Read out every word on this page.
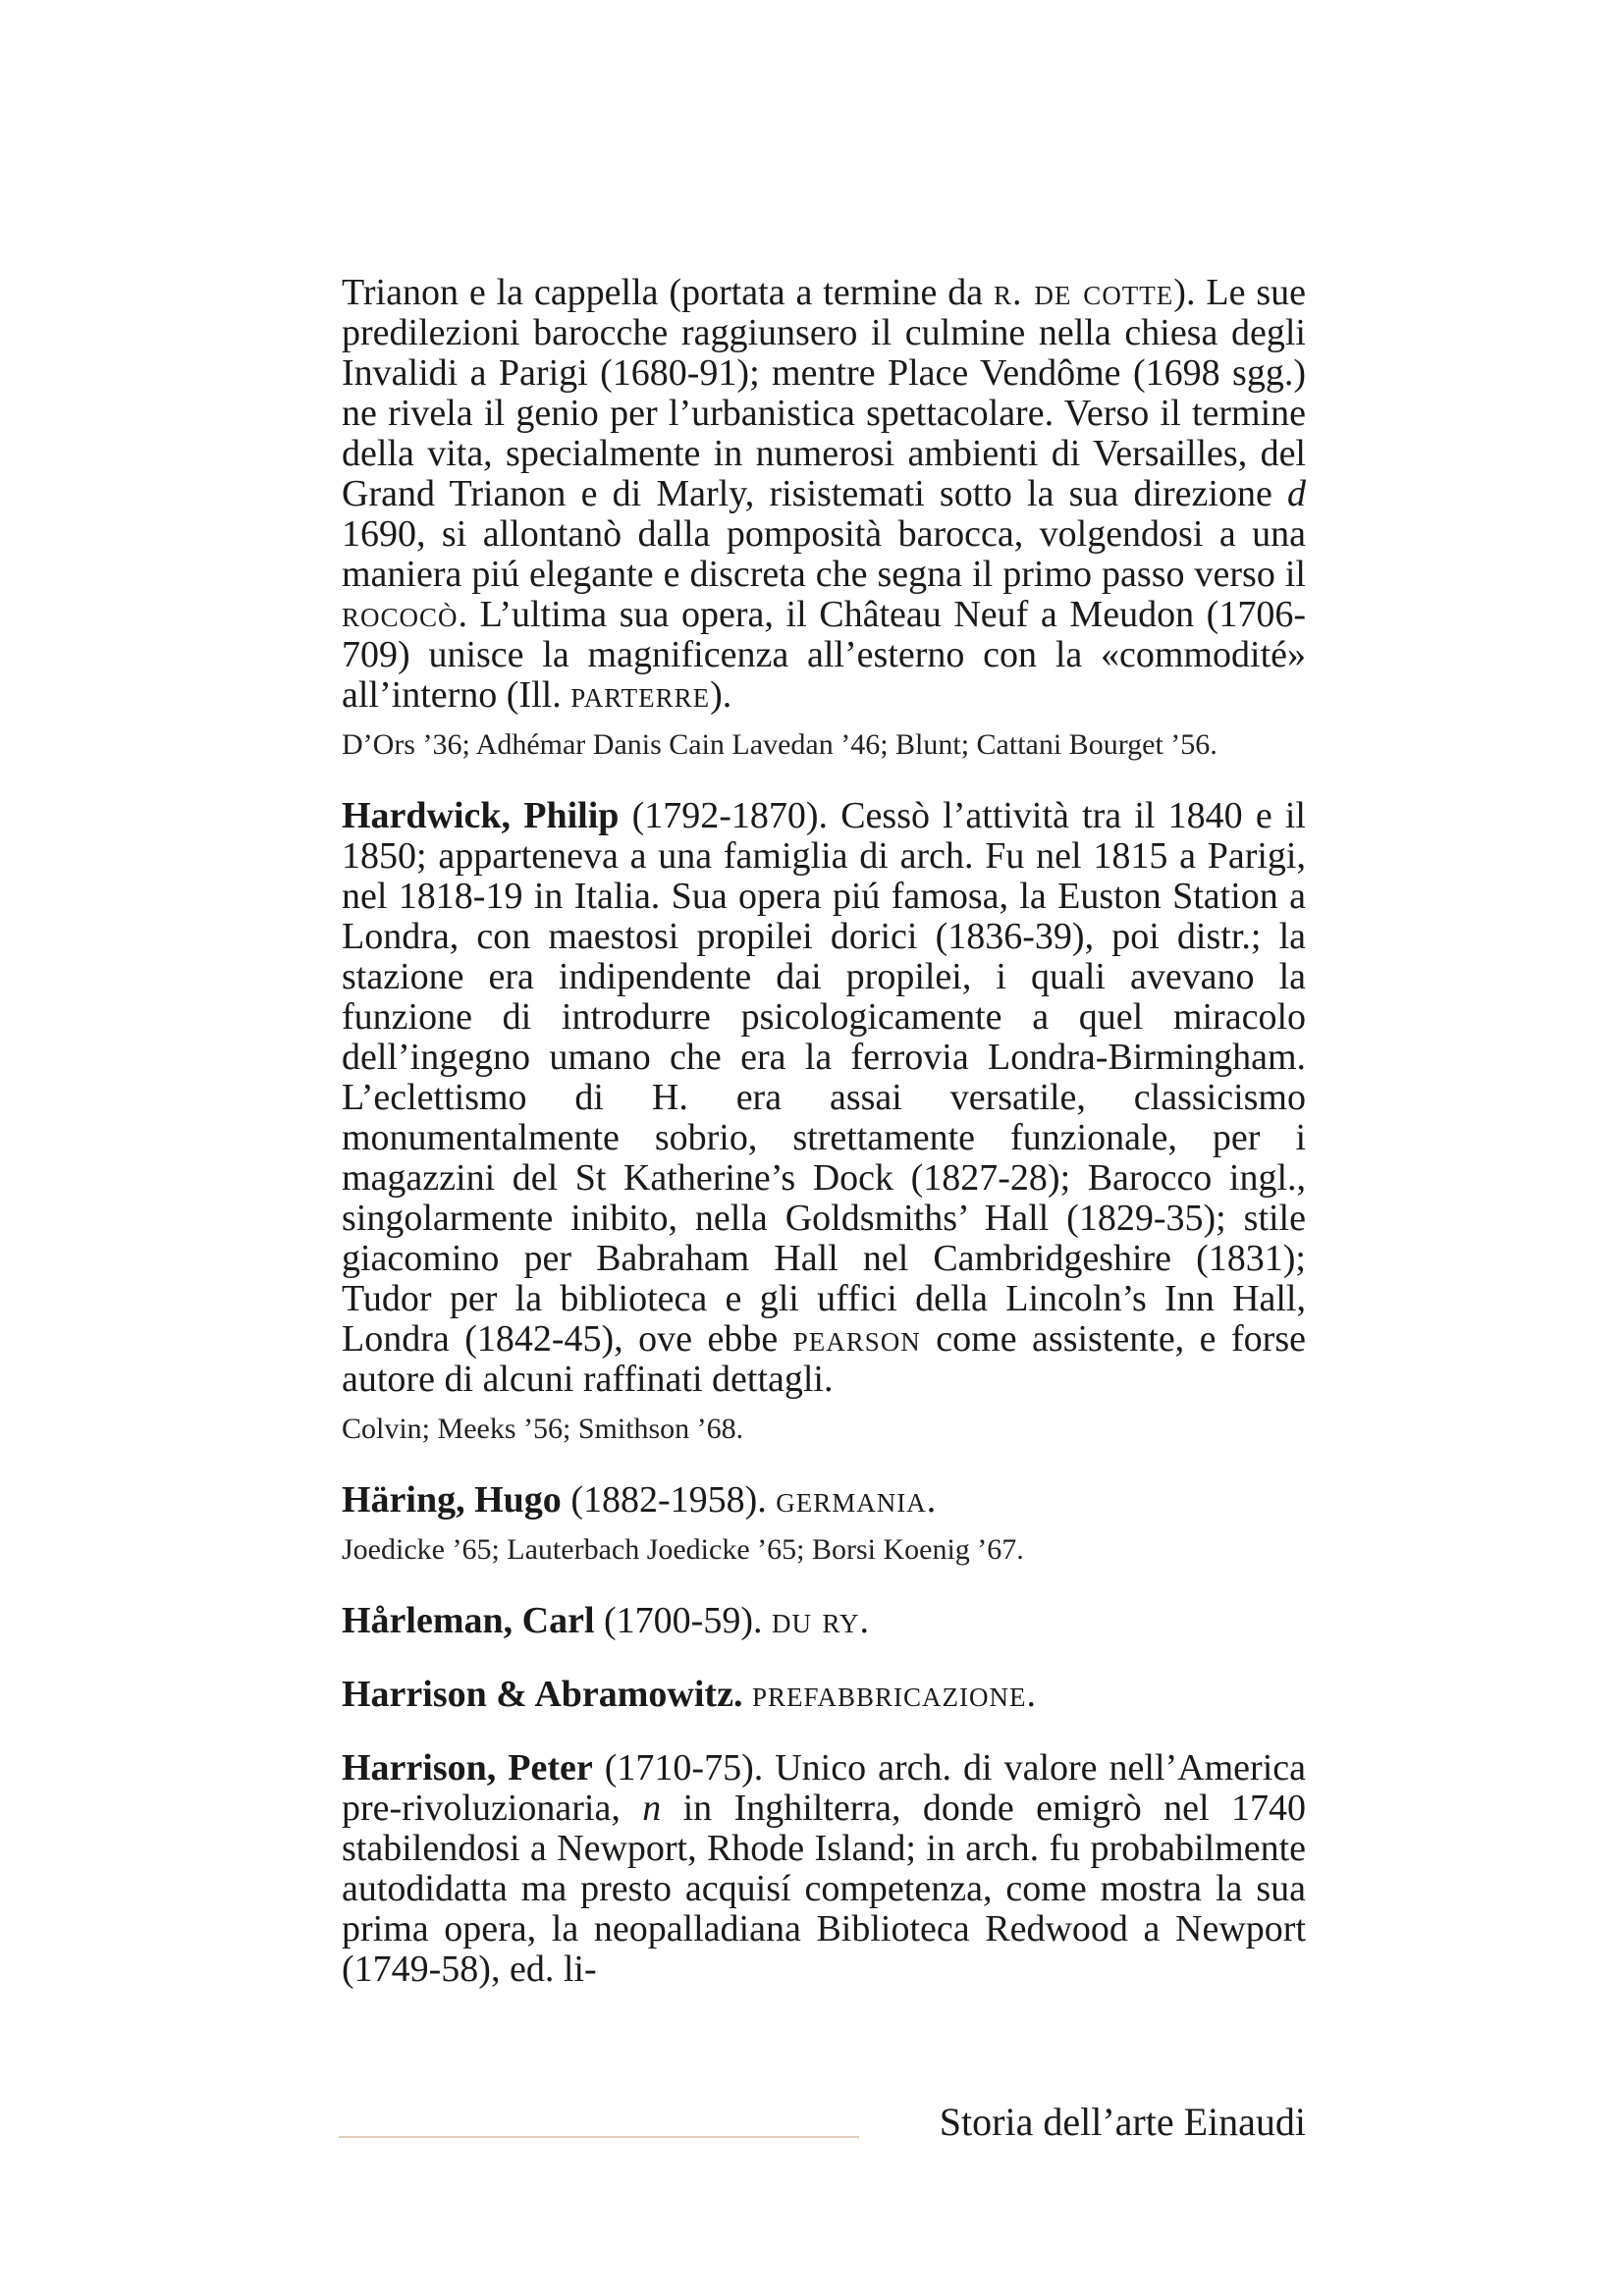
Trianon e la cappella (portata a termine da r. de cotte). Le sue predilezioni barocche raggiunsero il culmine nella chiesa degli Invalidi a Parigi (1680-91); mentre Place Vendôme (1698 sgg.) ne rivela il genio per l’urbanistica spettacolare. Verso il termine della vita, specialmente in numerosi ambienti di Versailles, del Grand Trianon e di Marly, risistemati sotto la sua direzione d 1690, si allontanò dalla pomposità barocca, volgendosi a una maniera piú elegante e discreta che segna il primo passo verso il rococò. L’ultima sua opera, il Château Neuf a Meudon (1706-709) unisce la magnificenza all’esterno con la «commodité» all’interno (Ill. parterre).

D’Ors ’36; Adhémar Danis Cain Lavedan ’46; Blunt; Cattani Bourget ’56.

Hardwick, Philip (1792-1870). Cessò l’attività tra il 1840 e il 1850; apparteneva a una famiglia di arch. Fu nel 1815 a Parigi, nel 1818-19 in Italia. Sua opera piú famosa, la Euston Station a Londra, con maestosi propilei dorici (1836-39), poi distr.; la stazione era indipendente dai propilei, i quali avevano la funzione di introdurre psicologicamente a quel miracolo dell’ingegno umano che era la ferrovia Londra-Birmingham. L’eclettismo di H. era assai versatile, classicismo monumentalmente sobrio, strettamente funzionale, per i magazzini del St Katherine’s Dock (1827-28); Barocco ingl., singolarmente inibito, nella Goldsmiths’ Hall (1829-35); stile giacomino per Babraham Hall nel Cambridgeshire (1831); Tudor per la biblioteca e gli uffici della Lincoln’s Inn Hall, Londra (1842-45), ove ebbe pearson come assistente, e forse autore di alcuni raffinati dettagli.

Colvin; Meeks ’56; Smithson ’68.

Häring, Hugo (1882-1958). germania.

Joedicke ’65; Lauterbach Joedicke ’65; Borsi Koenig ’67.

Hårleman, Carl (1700-59). du ry.

Harrison & Abramowitz. prefabbricazione.

Harrison, Peter (1710-75). Unico arch. di valore nell’America pre-rivoluzionaria, n in Inghilterra, donde emigrò nel 1740 stabilendosi a Newport, Rhode Island; in arch. fu probabilmente autodidatta ma presto acquisí competenza, come mostra la sua prima opera, la neopalladiana Biblioteca Redwood a Newport (1749-58), ed. li-

Storia dell’arte Einaudi
